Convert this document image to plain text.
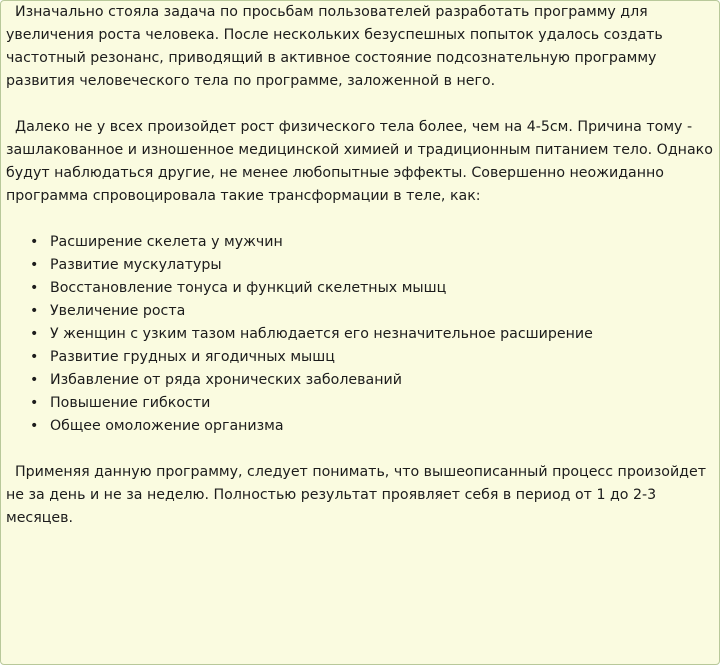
Изначально стояла задача по просьбам пользователей разработать программу для увеличения роста человека. После нескольких безуспешных попыток удалось создать частотный резонанс, приводящий в активное состояние подсознательную программу развития человеческого тела по программе, заложенной в него.

Далеко не у всех произойдет рост физического тела более, чем на 4-5см. Причина тому - зашлакованное и изношенное медицинской химией и традиционным питанием тело. Однако будут наблюдаться другие, не менее любопытные эффекты. Совершенно неожиданно программа спровоцировала такие трансформации в теле, как:

• Расширение скелета у мужчин
• Развитие мускулатуры
• Восстановление тонуса и функций скелетных мышц
• Увеличение роста
• У женщин с узким тазом наблюдается его незначительное расширение
• Развитие грудных и ягодичных мышц
• Избавление от ряда хронических заболеваний
• Повышение гибкости
• Общее омоложение организма

Применяя данную программу, следует понимать, что вышеописанный процесс произойдет не за день и не за неделю. Полностью результат проявляет себя в период от 1 до 2-3 месяцев.
